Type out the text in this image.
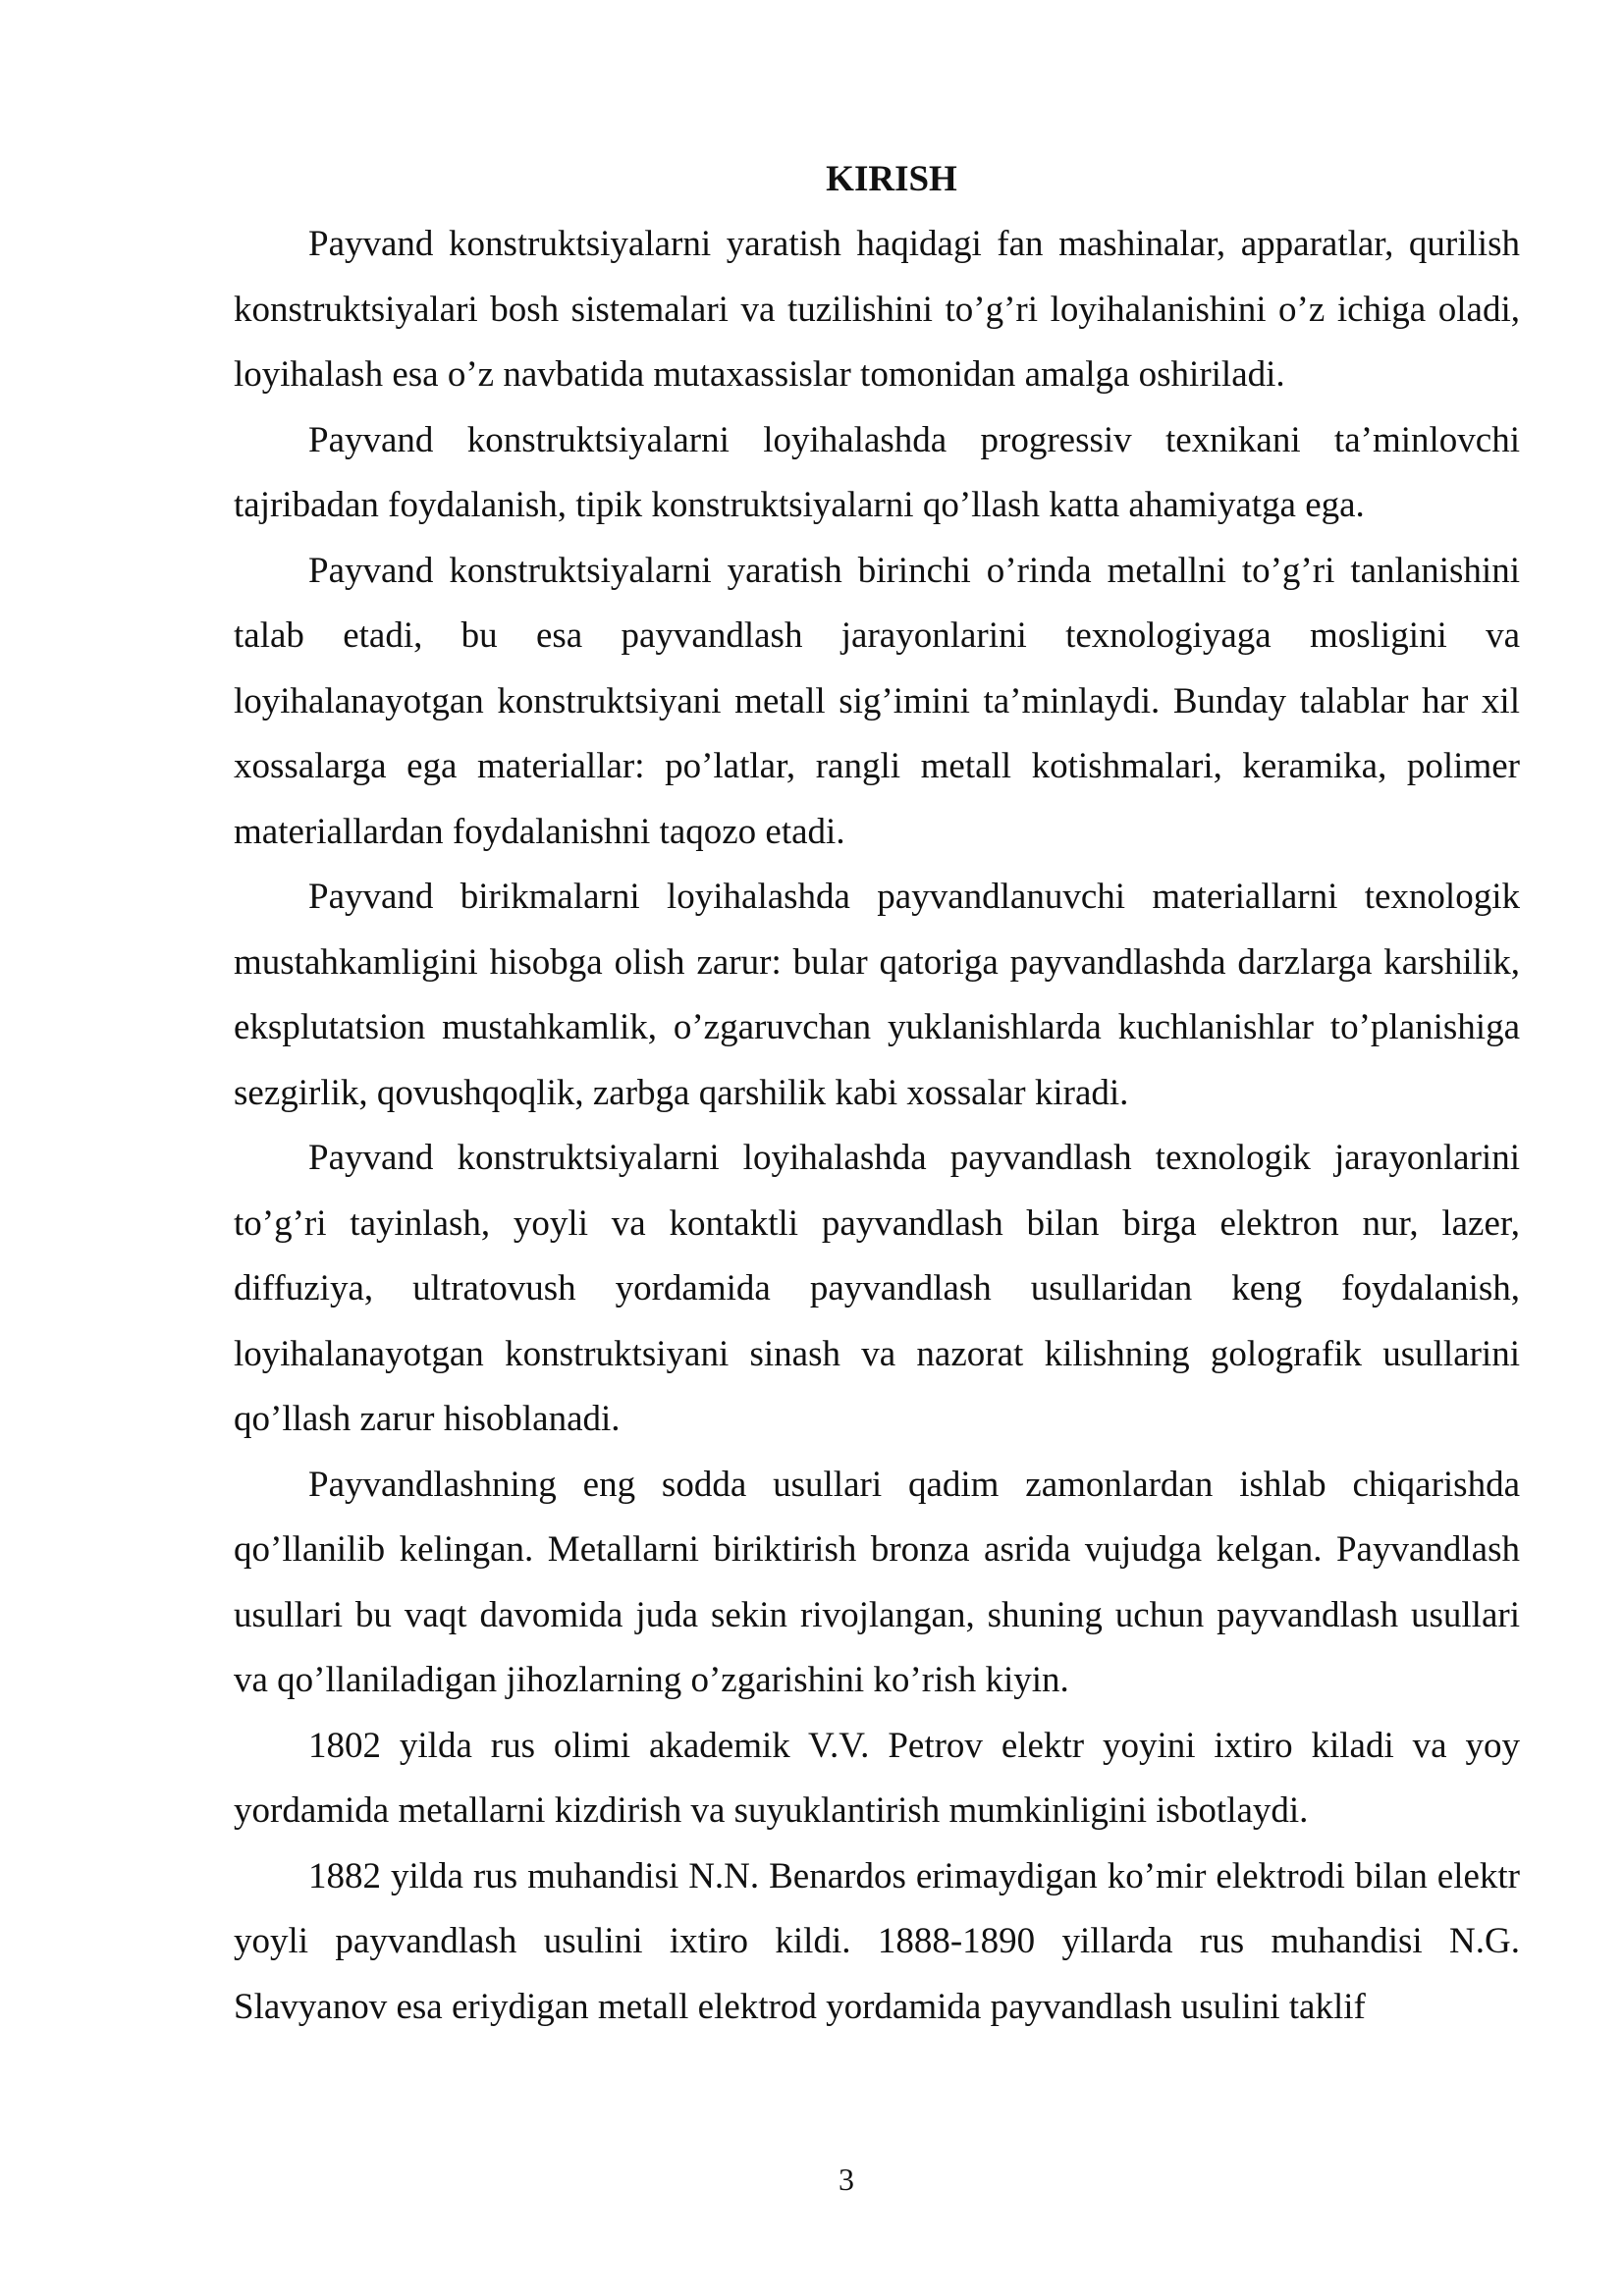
KIRISH

Payvand konstruktsiyalarni yaratish haqidagi fan mashinalar, apparatlar, qurilish konstruktsiyalari bosh sistemalari va tuzilishini to’g’ri loyihalanishini o’z ichiga oladi, loyihalash esa o’z navbatida mutaxassislar tomonidan amalga oshiriladi.

Payvand konstruktsiyalarni loyihalashda progressiv texnikani ta’minlovchi tajribadan foydalanish, tipik konstruktsiyalarni qo’llash katta ahamiyatga ega.

Payvand konstruktsiyalarni yaratish birinchi o’rinda metallni to’g’ri tanlanishini talab etadi, bu esa payvandlash jarayonlarini texnologiyaga mosligini va loyihalanayotgan konstruktsiyani metall sig’imini ta’minlaydi. Bunday talablar har xil xossalarga ega materiallar: po’latlar, rangli metall kotishmalari, keramika, polimer materiallardan foydalanishni taqozo etadi.

Payvand birikmalarni loyihalashda payvandlanuvchi materiallarni texnologik mustahkamligini hisobga olish zarur: bular qatoriga payvandlashda darzlarga karshilik, eksplutatsion mustahkamlik, o’zgaruvchan yuklanishlarda kuchlanishlar to’planishiga sezgirlik, qovushqoqlik, zarbga qarshilik kabi xossalar kiradi.

Payvand konstruktsiyalarni loyihalashda payvandlash texnologik jarayonlarini to’g’ri tayinlash, yoyli va kontaktli payvandlash bilan birga elektron nur, lazer, diffuziya, ultratovush yordamida payvandlash usullaridan keng foydalanish, loyihalanayotgan konstruktsiyani sinash va nazorat kilishning golografik usullarini qo’llash zarur hisoblanadi.

Payvandlashning eng sodda usullari qadim zamonlardan ishlab chiqarishda qo’llanilib kelingan. Metallarni biriktirish bronza asrida vujudga kelgan. Payvandlash usullari bu vaqt davomida juda sekin rivojlangan, shuning uchun payvandlash usullari va qo’llaniladigan jihozlarning o’zgarishini ko’rish kiyin.

1802 yilda rus olimi akademik V.V. Petrov elektr yoyini ixtiro kiladi va yoy yordamida metallarni kizdirish va suyuklantirish mumkinligini isbotlaydi.

1882 yilda rus muhandisi N.N. Benardos erimaydigan ko’mir elektrodi bilan elektr yoyli payvandlash usulini ixtiro kildi. 1888-1890 yillarda rus muhandisi N.G. Slavyanov esa eriydigan metall elektrod yordamida payvandlash usulini taklif

3
